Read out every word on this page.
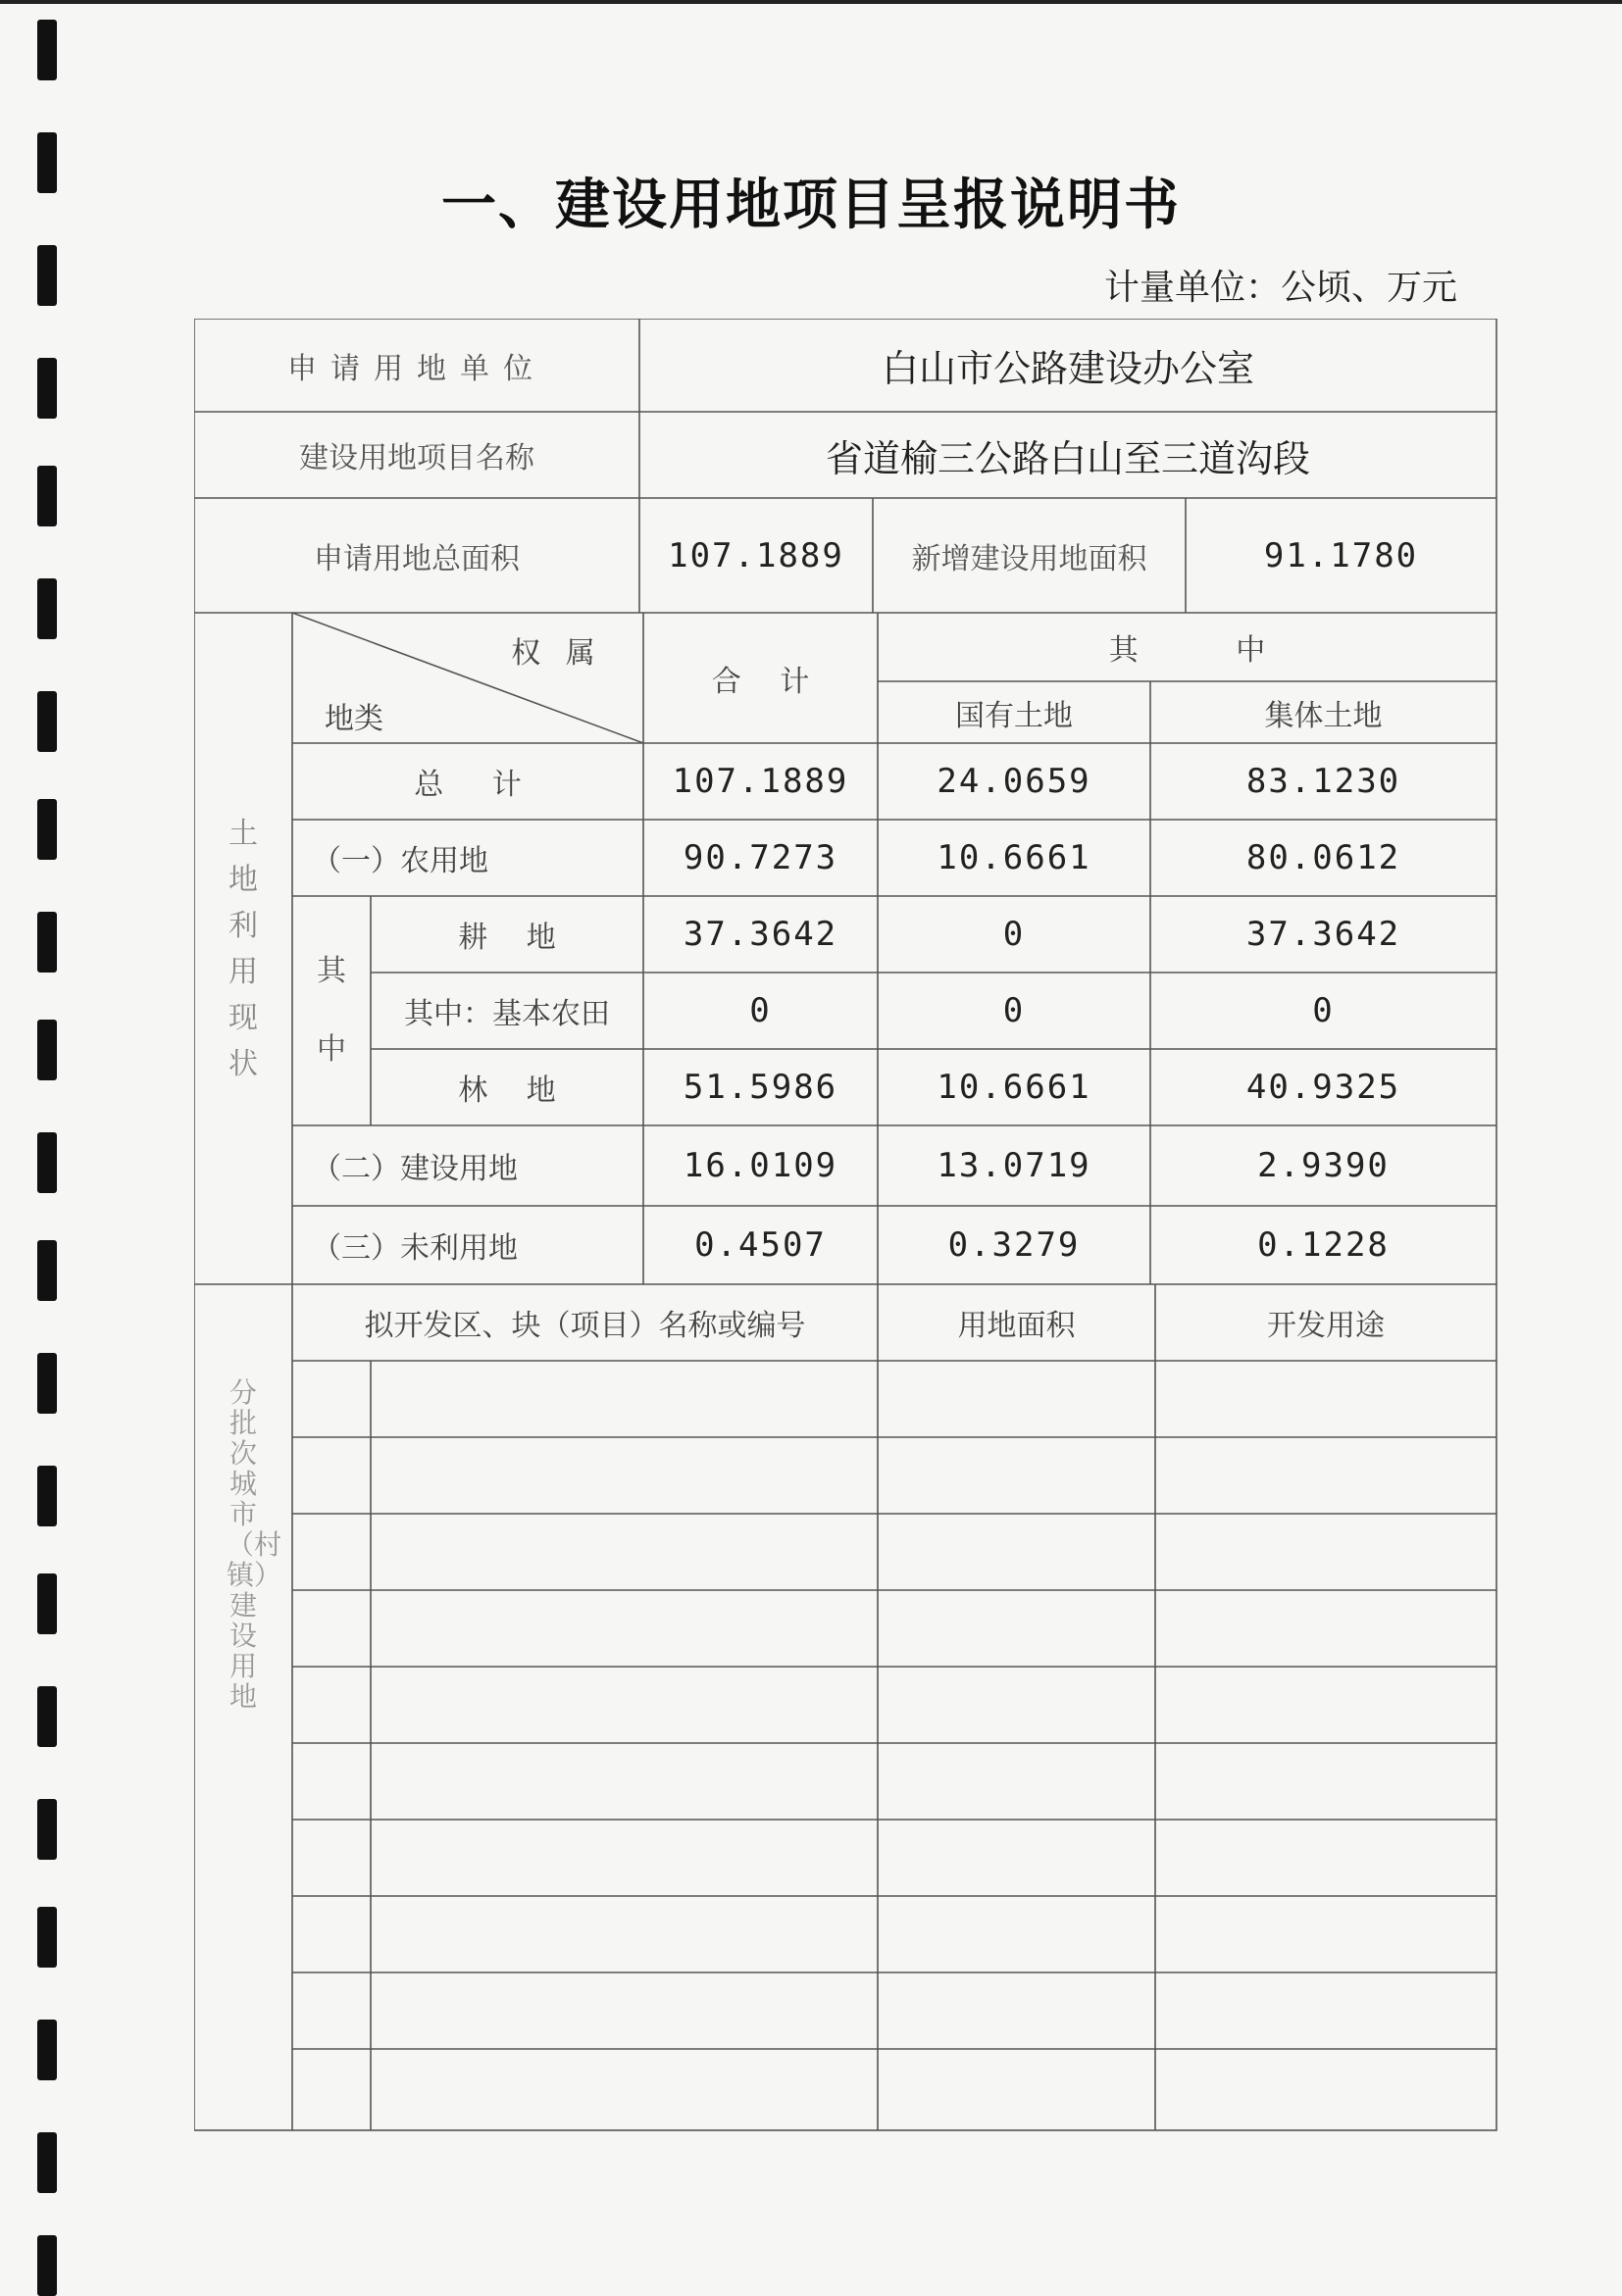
一、建设用地项目呈报说明书
计量单位：公顷、万元
申请用地单位	白山市公路建设办公室
建设用地项目名称	省道榆三公路白山至三道沟段
申请用地总面积	107.1889	新增建设用地面积	91.1780
土地利用现状
权 属
地类
合 计
其 中
国有土地	集体土地
总 计	107.1889	24.0659	83.1230
（一）农用地	90.7273	10.6661	80.0612
其中
耕 地	37.3642	0	37.3642
其中：基本农田	0	0	0
林 地	51.5986	10.6661	40.9325
（二）建设用地	16.0109	13.0719	2.9390
（三）未利用地	0.4507	0.3279	0.1228
分批次城市（村镇）建设用地
拟开发区、块（项目）名称或编号	用地面积	开发用途
